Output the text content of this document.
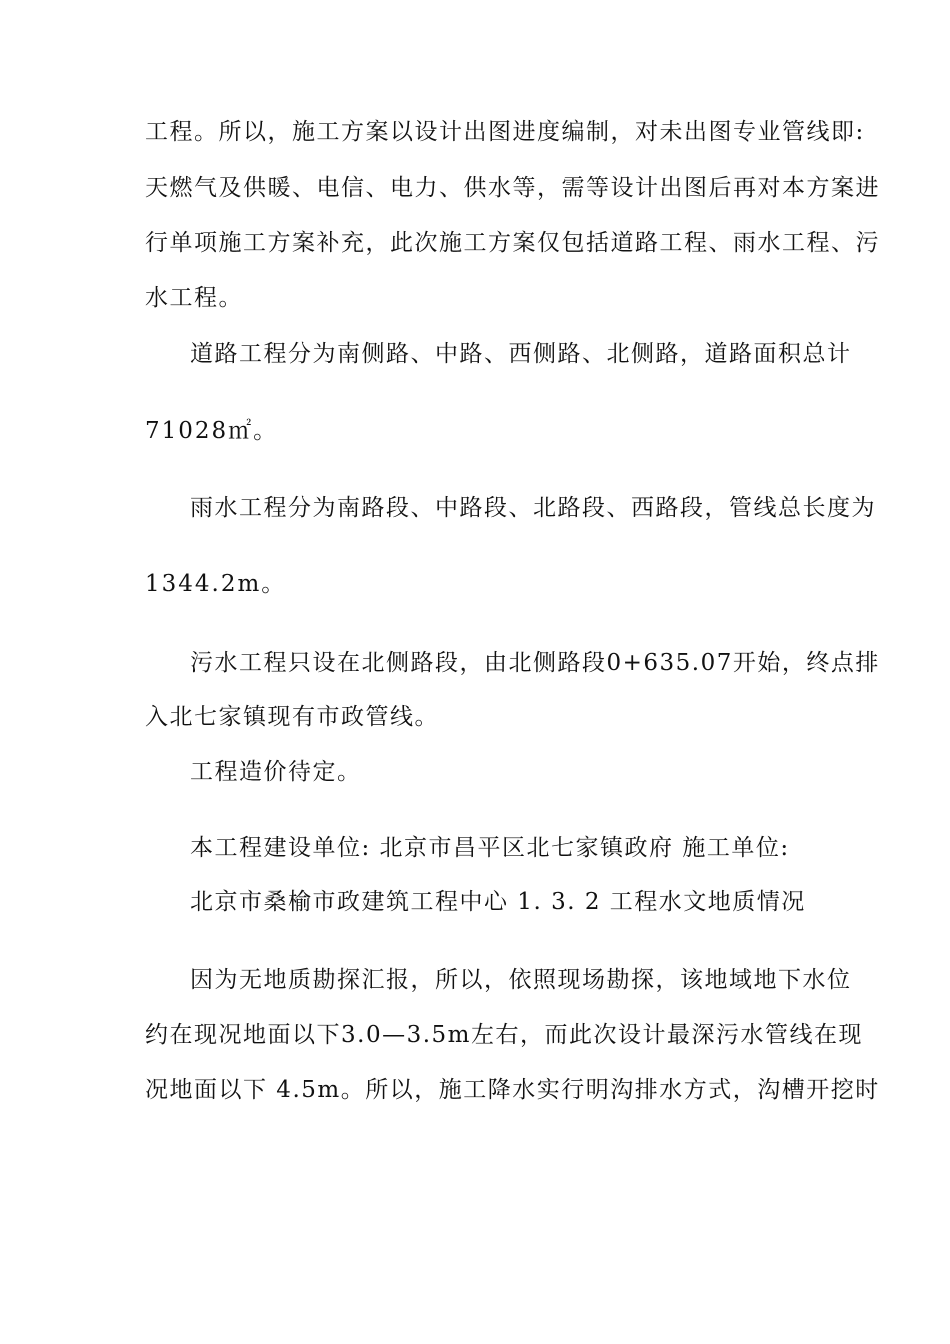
工程。所以，施工方案以设计出图进度编制，对未出图专业管线即:
天燃气及供暖、电信、电力、供水等，需等设计出图后再对本方案进
行单项施工方案补充，此次施工方案仅包括道路工程、雨水工程、污
水工程。
道路工程分为南侧路、中路、西侧路、北侧路，道路面积总计
71028㎡。
雨水工程分为南路段、中路段、北路段、西路段，管线总长度为
1344.2m。
污水工程只设在北侧路段，由北侧路段0+635.07开始，终点排
入北七家镇现有市政管线。
工程造价待定。
本工程建设单位: 北京市昌平区北七家镇政府 施工单位:
北京市桑榆市政建筑工程中心 1. 3. 2 工程水文地质情况
因为无地质勘探汇报，所以，依照现场勘探，该地域地下水位
约在现况地面以下3.0—3.5m左右，而此次设计最深污水管线在现
况地面以下 4.5m。所以，施工降水实行明沟排水方式，沟槽开挖时
